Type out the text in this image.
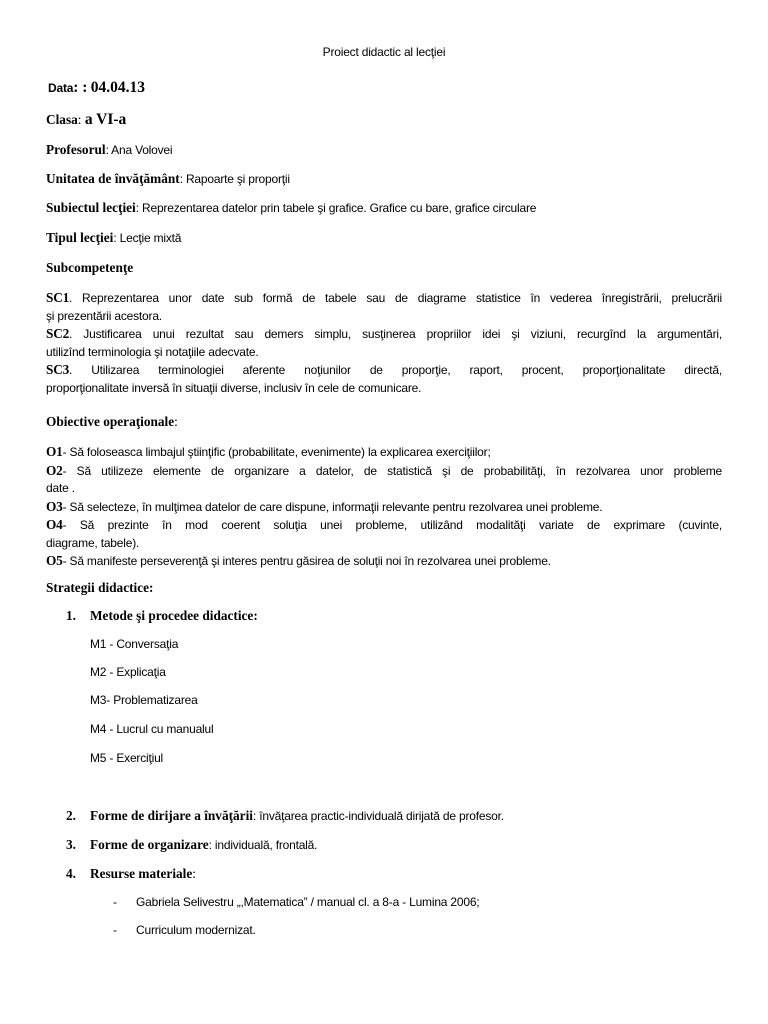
Proiect didactic al lecţiei
Data: : 04.04.13
Clasa: a VI-a
Profesorul: Ana Volovei
Unitatea de învăţământ: Rapoarte şi proporţii
Subiectul lecţiei: Reprezentarea datelor prin tabele şi grafice. Grafice cu bare, grafice circulare
Tipul lecţiei: Lecţie mixtă
Subcompetenţe
SC1. Reprezentarea unor date sub formă de tabele sau de diagrame statistice în vederea înregistrării, prelucrării
şi prezentării acestora.
SC2. Justificarea unui rezultat sau demers simplu, susţinerea propriilor idei şi viziuni, recurgînd la argumentări,
utilizînd terminologia şi notaţiile adecvate.
SC3. Utilizarea terminologiei aferente noţiunilor de proporţie, raport, procent, proporţionalitate directă,
proporţionalitate inversă în situaţii diverse, inclusiv în cele de comunicare.
Obiective operaţionale:
O1- Să foloseasca limbajul ştiinţific (probabilitate, evenimente) la explicarea exerciţiilor;
O2- Să utilizeze elemente de organizare a datelor, de statistică şi de probabilităţi, în rezolvarea unor probleme
date .
O3- Să selecteze, în mulţimea datelor de care dispune, informaţii relevante pentru rezolvarea unei probleme.
O4- Să prezinte în mod coerent soluţia unei probleme, utilizând modalităţi variate de exprimare (cuvinte,
diagrame, tabele).
O5- Să manifeste perseverenţă şi interes pentru găsirea de soluţii noi în rezolvarea unei probleme.
Strategii didactice:
1. Metode şi procedee didactice:
M1 - Conversaţia
M2 - Explicaţia
M3- Problematizarea
M4 - Lucrul cu manualul
M5 - Exerciţiul
2. Forme de dirijare a învăţării: învăţarea practic-individuală dirijată de profesor.
3. Forme de organizare: individuală, frontală.
4. Resurse materiale:
- Gabriela Selivestru „,Matematica” / manual cl. a 8-a - Lumina 2006;
- Curriculum modernizat.
